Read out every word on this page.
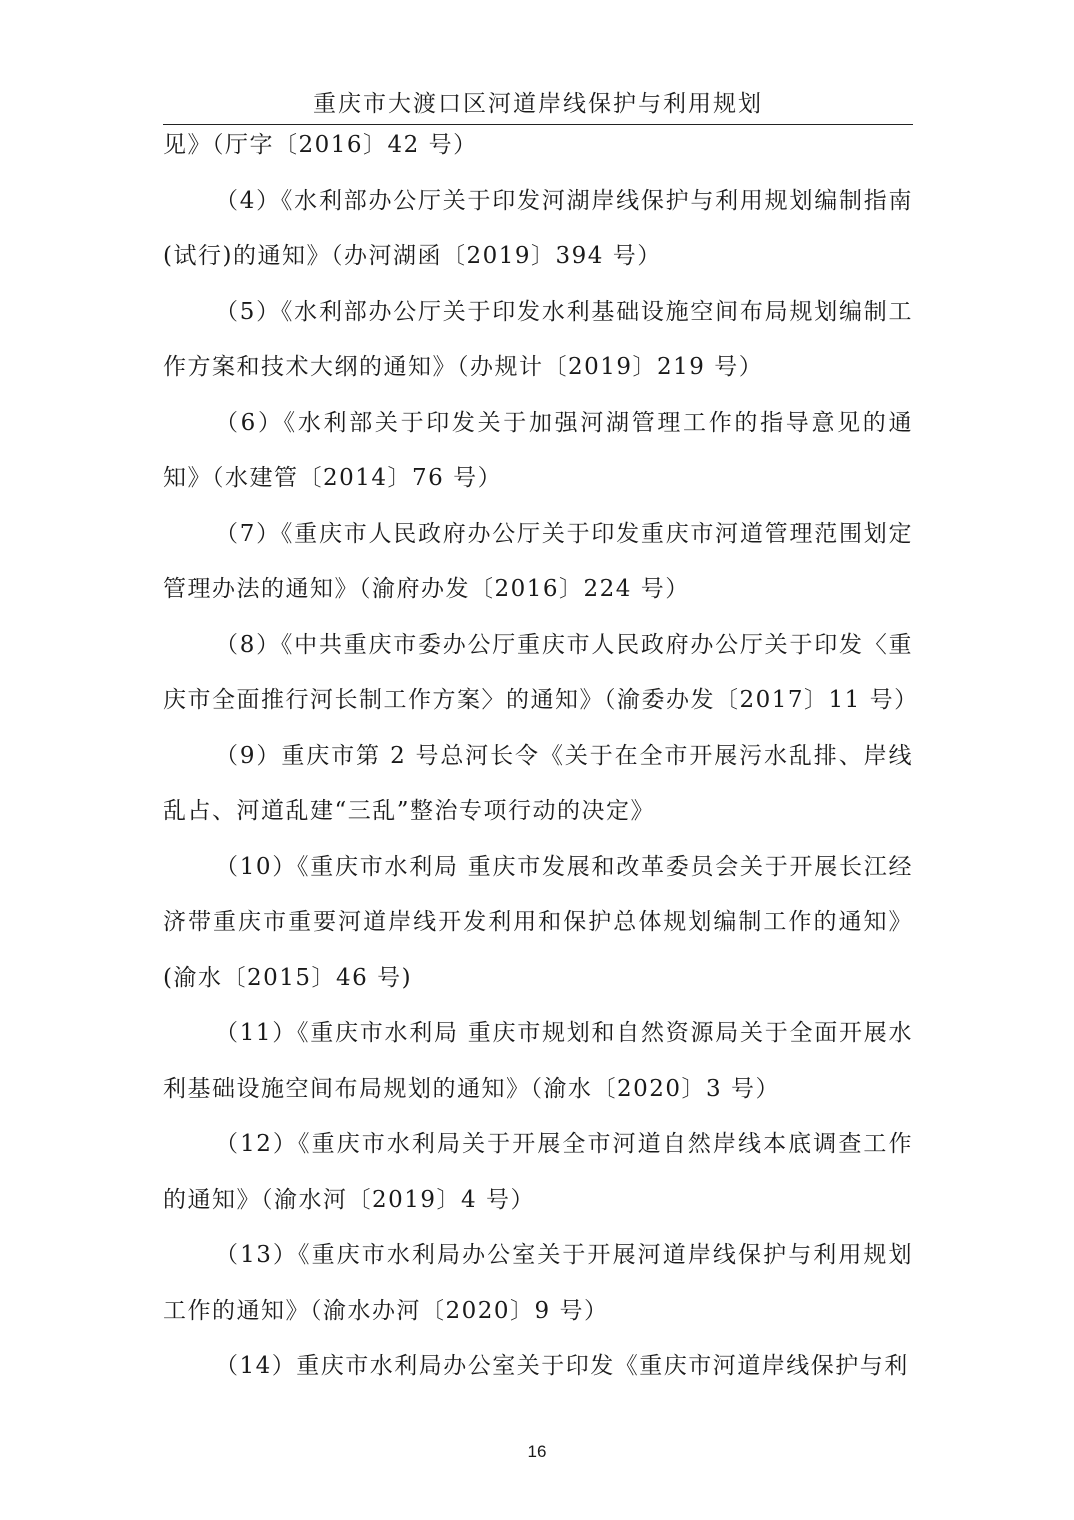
重庆市大渡口区河道岸线保护与利用规划

见》（厅字〔2016〕42 号）

（4）《水利部办公厅关于印发河湖岸线保护与利用规划编制指南(试行)的通知》（办河湖函〔2019〕394 号）

（5）《水利部办公厅关于印发水利基础设施空间布局规划编制工作方案和技术大纲的通知》（办规计〔2019〕219 号）

（6）《水利部关于印发关于加强河湖管理工作的指导意见的通知》（水建管〔2014〕76 号）

（7）《重庆市人民政府办公厅关于印发重庆市河道管理范围划定管理办法的通知》（渝府办发〔2016〕224 号）

（8）《中共重庆市委办公厅重庆市人民政府办公厅关于印发〈重庆市全面推行河长制工作方案〉的通知》（渝委办发〔2017〕11 号）

（9）重庆市第 2 号总河长令《关于在全市开展污水乱排、岸线乱占、河道乱建“三乱”整治专项行动的决定》

（10）《重庆市水利局 重庆市发展和改革委员会关于开展长江经济带重庆市重要河道岸线开发利用和保护总体规划编制工作的通知》(渝水〔2015〕46 号)

（11）《重庆市水利局 重庆市规划和自然资源局关于全面开展水利基础设施空间布局规划的通知》（渝水〔2020〕3 号）

（12）《重庆市水利局关于开展全市河道自然岸线本底调查工作的通知》（渝水河〔2019〕4 号）

（13）《重庆市水利局办公室关于开展河道岸线保护与利用规划工作的通知》（渝水办河〔2020〕9 号）

（14）重庆市水利局办公室关于印发《重庆市河道岸线保护与利

16
